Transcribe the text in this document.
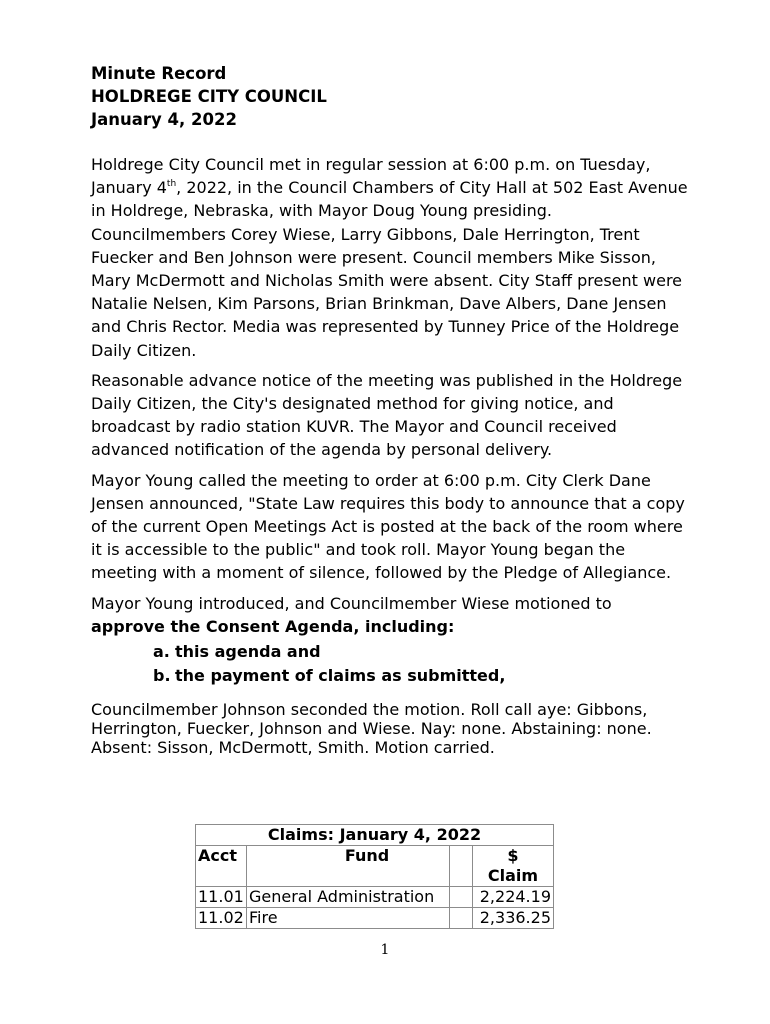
Minute Record

HOLDREGE CITY COUNCIL

January 4, 2022

Holdrege City Council met in regular session at 6:00 p.m. on Tuesday, January 4th, 2022, in the Council Chambers of City Hall at 502 East Avenue in Holdrege, Nebraska, with Mayor Doug Young presiding. Councilmembers Corey Wiese, Larry Gibbons, Dale Herrington, Trent Fuecker and Ben Johnson were present. Council members Mike Sisson, Mary McDermott and Nicholas Smith were absent. City Staff present were Natalie Nelsen, Kim Parsons, Brian Brinkman, Dave Albers, Dane Jensen and Chris Rector. Media was represented by Tunney Price of the Holdrege Daily Citizen.

Reasonable advance notice of the meeting was published in the Holdrege Daily Citizen, the City's designated method for giving notice, and broadcast by radio station KUVR. The Mayor and Council received advanced notification of the agenda by personal delivery.

Mayor Young called the meeting to order at 6:00 p.m. City Clerk Dane Jensen announced, "State Law requires this body to announce that a copy of the current Open Meetings Act is posted at the back of the room where it is accessible to the public" and took roll. Mayor Young began the meeting with a moment of silence, followed by the Pledge of Allegiance.

Mayor Young introduced, and Councilmember Wiese motioned to
approve the Consent Agenda, including:

a. this agenda and
b. the payment of claims as submitted,

Councilmember Johnson seconded the motion. Roll call aye: Gibbons, Herrington, Fuecker, Johnson and Wiese. Nay: none. Abstaining: none. Absent: Sisson, McDermott, Smith. Motion carried.

Claims: January 4, 2022			
Acct	Fund		$
Claim
11.01	General Administration		2,224.19
11.02	Fire		2,336.25
1
